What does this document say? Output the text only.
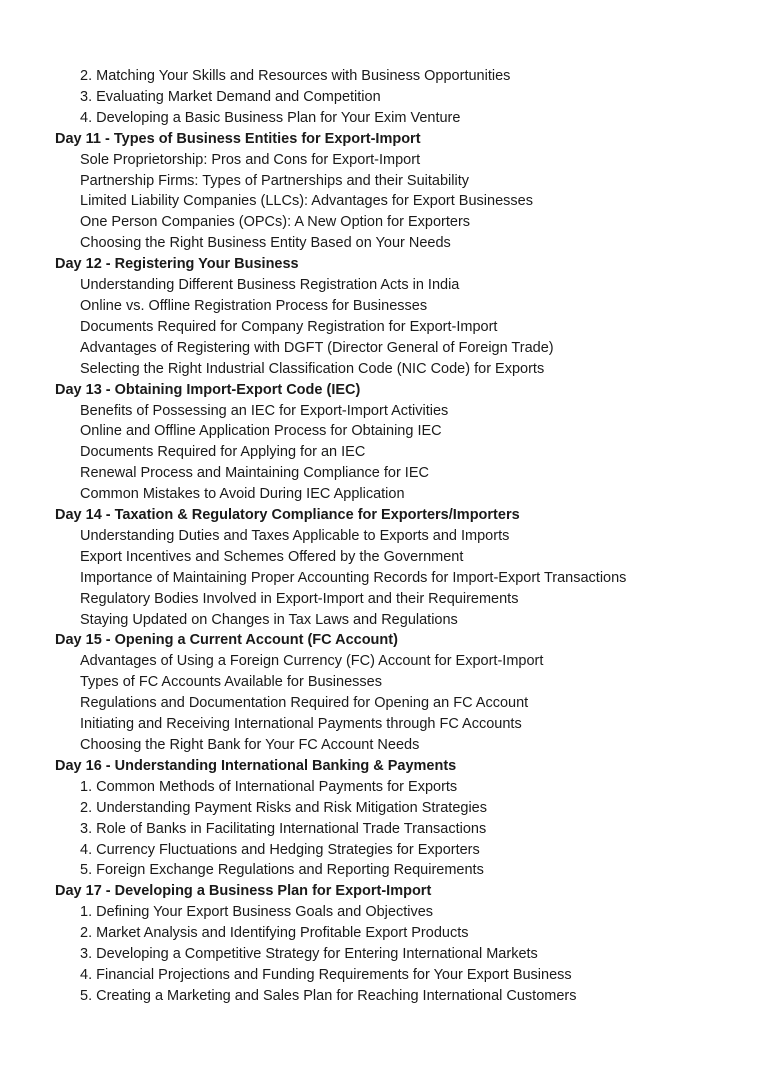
2. Matching Your Skills and Resources with Business Opportunities

3. Evaluating Market Demand and Competition

4. Developing a Basic Business Plan for Your Exim Venture

Day 11 - Types of Business Entities for Export-Import

Sole Proprietorship: Pros and Cons for Export-Import

Partnership Firms: Types of Partnerships and their Suitability

Limited Liability Companies (LLCs): Advantages for Export Businesses

One Person Companies (OPCs): A New Option for Exporters

Choosing the Right Business Entity Based on Your Needs

Day 12 - Registering Your Business

Understanding Different Business Registration Acts in India

Online vs. Offline Registration Process for Businesses

Documents Required for Company Registration for Export-Import

Advantages of Registering with DGFT (Director General of Foreign Trade)

Selecting the Right Industrial Classification Code (NIC Code) for Exports

Day 13 - Obtaining Import-Export Code (IEC)

Benefits of Possessing an IEC for Export-Import Activities

Online and Offline Application Process for Obtaining IEC

Documents Required for Applying for an IEC

Renewal Process and Maintaining Compliance for IEC

Common Mistakes to Avoid During IEC Application

Day 14 - Taxation & Regulatory Compliance for Exporters/Importers

Understanding Duties and Taxes Applicable to Exports and Imports

Export Incentives and Schemes Offered by the Government

Importance of Maintaining Proper Accounting Records for Import-Export Transactions

Regulatory Bodies Involved in Export-Import and their Requirements

Staying Updated on Changes in Tax Laws and Regulations

Day 15 - Opening a Current Account (FC Account)

Advantages of Using a Foreign Currency (FC) Account for Export-Import

Types of FC Accounts Available for Businesses

Regulations and Documentation Required for Opening an FC Account

Initiating and Receiving International Payments through FC Accounts

Choosing the Right Bank for Your FC Account Needs

Day 16 - Understanding International Banking & Payments

1. Common Methods of International Payments for Exports

2. Understanding Payment Risks and Risk Mitigation Strategies

3. Role of Banks in Facilitating International Trade Transactions

4. Currency Fluctuations and Hedging Strategies for Exporters

5. Foreign Exchange Regulations and Reporting Requirements

Day 17 - Developing a Business Plan for Export-Import

1. Defining Your Export Business Goals and Objectives

2. Market Analysis and Identifying Profitable Export Products

3. Developing a Competitive Strategy for Entering International Markets

4. Financial Projections and Funding Requirements for Your Export Business

5. Creating a Marketing and Sales Plan for Reaching International Customers
